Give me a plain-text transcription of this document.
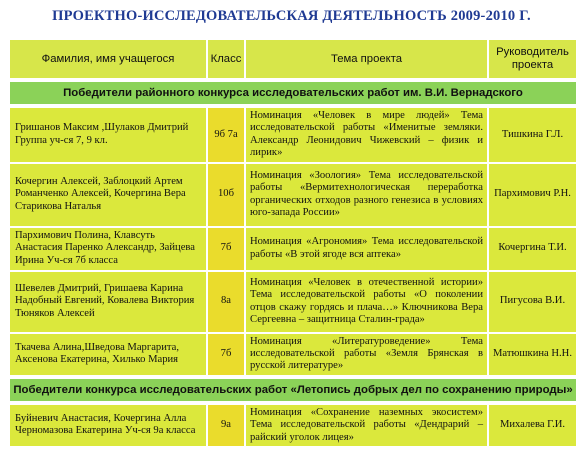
ПРОЕКТНО-ИССЛЕДОВАТЕЛЬСКАЯ ДЕЯТЕЛЬНОСТЬ 2009-2010 Г.
Фамилия, имя учащегося	Класс	Тема проекта	Руководитель проекта
Победители районного конкурса исследовательских работ им. В.И. Вернадского			
Гришанов Максим ,Шулаков Дмитрий Группа уч-ся 7, 9 кл.	9б 7а	Номинация «Человек в мире людей» Тема исследовательской работы «Именитые земляки. Александр Леонидович Чижевский – физик и лирик»	Тишкина Г.Л.
Кочергин Алексей, Заблоцкий Артем Романченко Алексей, Кочергина Вера Старикова Наталья	10б	Номинация «Зоология» Тема исследовательской работы «Вермитехнологическая переработка органических отходов разного генезиса в условиях юго-запада России»	Пархимович Р.Н.
Пархимович Полина, Клавсуть Анастасия Паренко Александр, Зайцева Ирина Уч-ся 7б класса	7б	Номинация «Агрономия» Тема исследовательской работы «В этой ягоде вся аптека»	Кочергина Т.И.
Шевелев Дмитрий, Гришаева Карина Надобный Евгений, Ковалева Виктория Тюняков Алексей	8а	Номинация «Человек в отечественной истории» Тема исследовательской работы «О поколении отцов скажу гордясь и плача…» Ключникова Вера Сергеевна – защитница Сталин-града»	Пигусова В.И.
Ткачева Алина,Шведова Маргарита, Аксенова Екатерина, Хилько Мария	7б	Номинация «Литературоведение» Тема исследовательской работы «Земля Брянская в русской литературе»	Матюшкина Н.Н.
Победители конкурса исследовательских работ «Летопись добрых дел по сохранению природы»			
Буйневич Анастасия, Кочергина Алла Черномазова Екатерина Уч-ся 9а класса	9а	Номинация «Сохранение наземных экосистем» Тема исследовательской работы «Дендрарий – райский уголок лицея»	Михалева Г.И.
